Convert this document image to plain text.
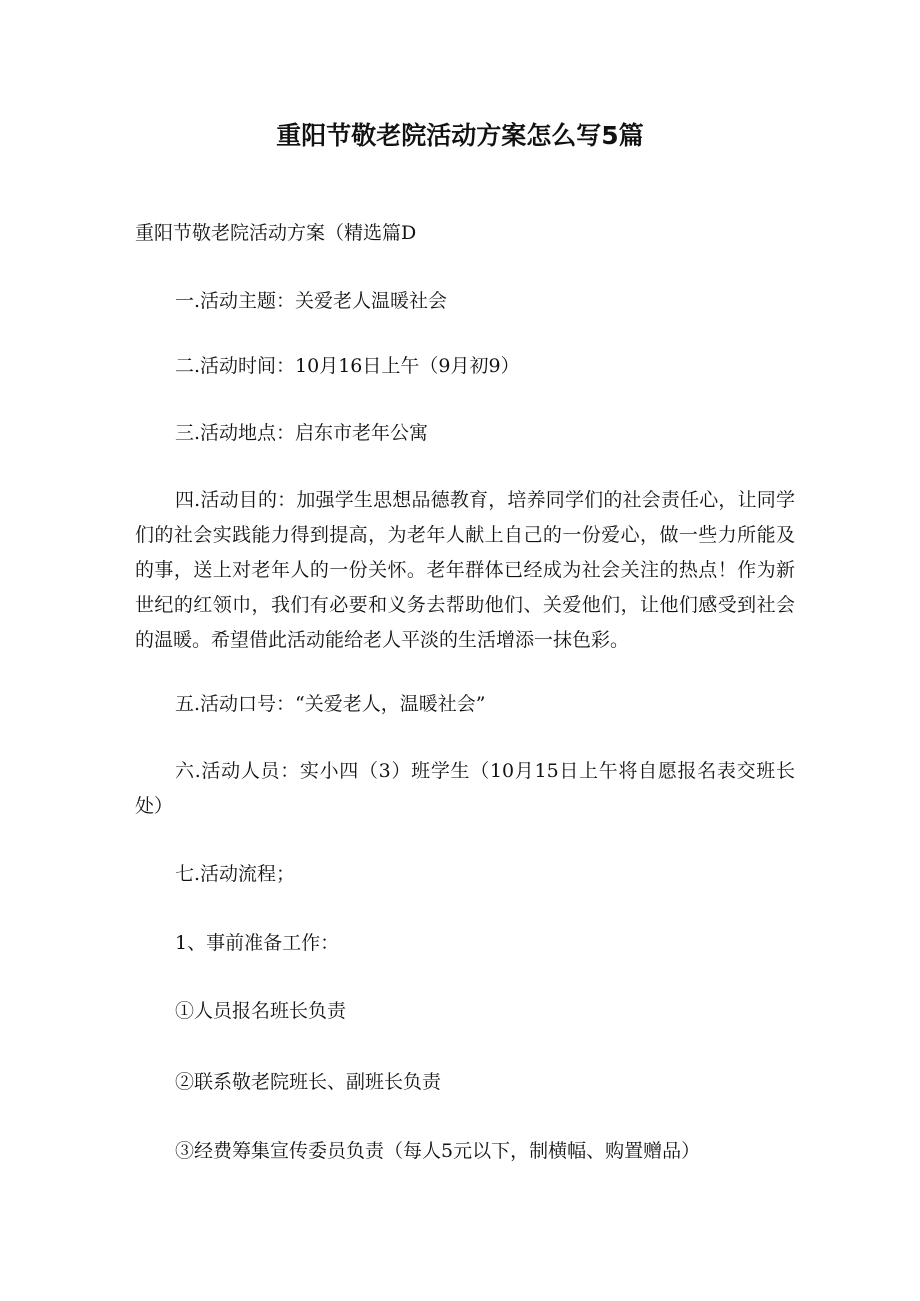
重阳节敬老院活动方案怎么写5篇

重阳节敬老院活动方案（精选篇D

一.活动主题：关爱老人温暖社会

二.活动时间：10月16日上午（9月初9）

三.活动地点：启东市老年公寓

四.活动目的：加强学生思想品德教育，培养同学们的社会责任心，让同学们的社会实践能力得到提高，为老年人献上自己的一份爱心，做一些力所能及的事，送上对老年人的一份关怀。老年群体已经成为社会关注的热点！作为新世纪的红领巾，我们有必要和义务去帮助他们、关爱他们，让他们感受到社会的温暖。希望借此活动能给老人平淡的生活增添一抹色彩。

五.活动口号：“关爱老人，温暖社会”

六.活动人员：实小四（3）班学生（10月15日上午将自愿报名表交班长处）

七.活动流程；

1、事前准备工作：

①人员报名班长负责

②联系敬老院班长、副班长负责

③经费筹集宣传委员负责（每人5元以下，制横幅、购置赠品）
